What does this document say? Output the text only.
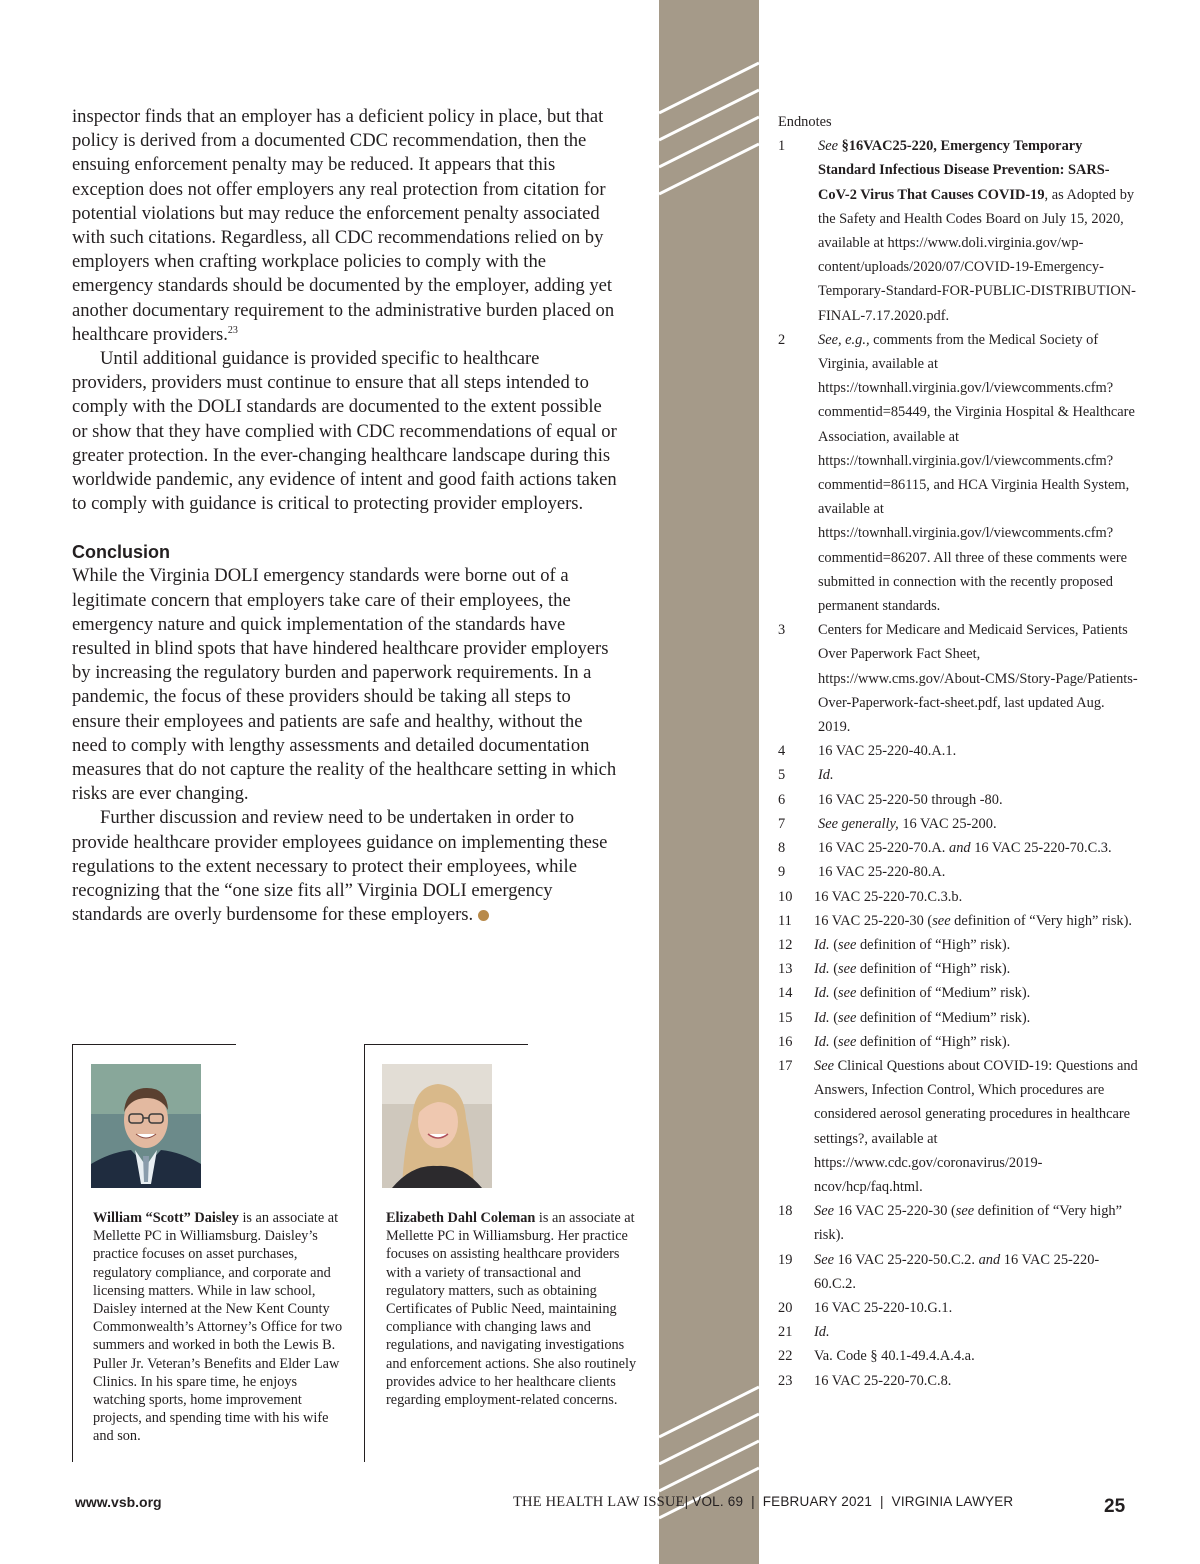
inspector finds that an employer has a deficient policy in place, but that policy is derived from a documented CDC recommendation, then the ensuing enforcement penalty may be reduced. It appears that this exception does not offer employers any real protection from citation for potential violations but may reduce the enforcement penalty associated with such citations. Regardless, all CDC recommendations relied on by employers when crafting workplace policies to comply with the emergency standards should be documented by the employer, adding yet another documentary requirement to the administrative burden placed on healthcare providers.$^{23}$

Until additional guidance is provided specific to healthcare providers, providers must continue to ensure that all steps intended to comply with the DOLI standards are documented to the extent possible or show that they have complied with CDC recommendations of equal or greater protection. In the ever-changing healthcare landscape during this worldwide pandemic, any evidence of intent and good faith actions taken to comply with guidance is critical to protecting provider employers.

Conclusion

While the Virginia DOLI emergency standards were borne out of a legitimate concern that employers take care of their employees, the emergency nature and quick implementation of the standards have resulted in blind spots that have hindered healthcare provider employers by increasing the regulatory burden and paperwork requirements. In a pandemic, the focus of these providers should be taking all steps to ensure their employees and patients are safe and healthy, without the need to comply with lengthy assessments and detailed documentation measures that do not capture the reality of the healthcare setting in which risks are ever changing.

Further discussion and review need to be undertaken in order to provide healthcare provider employees guidance on implementing these regulations to the extent necessary to protect their employees, while recognizing that the “one size fits all” Virginia DOLI emergency standards are overly burdensome for these employers.

William “Scott” Daisley is an associate at Mellette PC in Williamsburg. Daisley’s practice focuses on asset purchases, regulatory compliance, and corporate and licensing matters. While in law school, Daisley interned at the New Kent County Commonwealth’s Attorney’s Office for two summers and worked in both the Lewis B. Puller Jr. Veteran’s Benefits and Elder Law Clinics. In his spare time, he enjoys watching sports, home improvement projects, and spending time with his wife and son.
Elizabeth Dahl Coleman is an associate at Mellette PC in Williamsburg. Her practice focuses on assisting healthcare providers with a variety of transactional and regulatory matters, such as obtaining Certificates of Public Need, maintaining compliance with changing laws and regulations, and navigating investigations and enforcement actions. She also routinely provides advice to her healthcare clients regarding employment-related concerns.
Endnotes
1	See §16VAC25-220, Emergency Temporary Standard Infectious Disease Prevention: SARS-CoV-2 Virus That Causes COVID-19, as Adopted by the Safety and Health Codes Board on July 15, 2020, available at https://www.doli.virginia.gov/wp-content/uploads/2020/07/COVID-19-Emergency-Temporary-Standard-FOR-PUBLIC-DISTRIBUTION-FINAL-7.17.2020.pdf.
2	See, e.g., comments from the Medical Society of Virginia, available at https://townhall.virginia.gov/l/viewcomments.cfm?commentid=85449, the Virginia Hospital & Healthcare Association, available at https://townhall.virginia.gov/l/viewcomments.cfm?commentid=86115, and HCA Virginia Health System, available at https://townhall.virginia.gov/l/viewcomments.cfm?commentid=86207. All three of these comments were submitted in connection with the recently proposed permanent standards.
3	Centers for Medicare and Medicaid Services, Patients Over Paperwork Fact Sheet, https://www.cms.gov/About-CMS/Story-Page/Patients-Over-Paperwork-fact-sheet.pdf, last updated Aug. 2019.
4	16 VAC 25-220-40.A.1.
5	Id.
6	16 VAC 25-220-50 through -80.
7	See generally, 16 VAC 25-200.
8	16 VAC 25-220-70.A. and 16 VAC 25-220-70.C.3.
9	16 VAC 25-220-80.A.
10	16 VAC 25-220-70.C.3.b.
11	16 VAC 25-220-30 (see definition of “Very high” risk).
12	Id. (see definition of “High” risk).
13	Id. (see definition of “High” risk).
14	Id. (see definition of “Medium” risk).
15	Id. (see definition of “Medium” risk).
16	Id. (see definition of “High” risk).
17	See Clinical Questions about COVID-19: Questions and Answers, Infection Control, Which procedures are considered aerosol generating procedures in healthcare settings?, available at https://www.cdc.gov/coronavirus/2019-ncov/hcp/faq.html.
18	See 16 VAC 25-220-30 (see definition of “Very high” risk).
19	See 16 VAC 25-220-50.C.2. and 16 VAC 25-220-60.C.2.
20	16 VAC 25-220-10.G.1.
21	Id.
22	Va. Code § 40.1-49.4.A.4.a.
23	16 VAC 25-220-70.C.8.
www.vsb.org	THE HEALTH LAW ISSUE| VOL. 69  |  FEBRUARY 2021  |  VIRGINIA LAWYER	25
